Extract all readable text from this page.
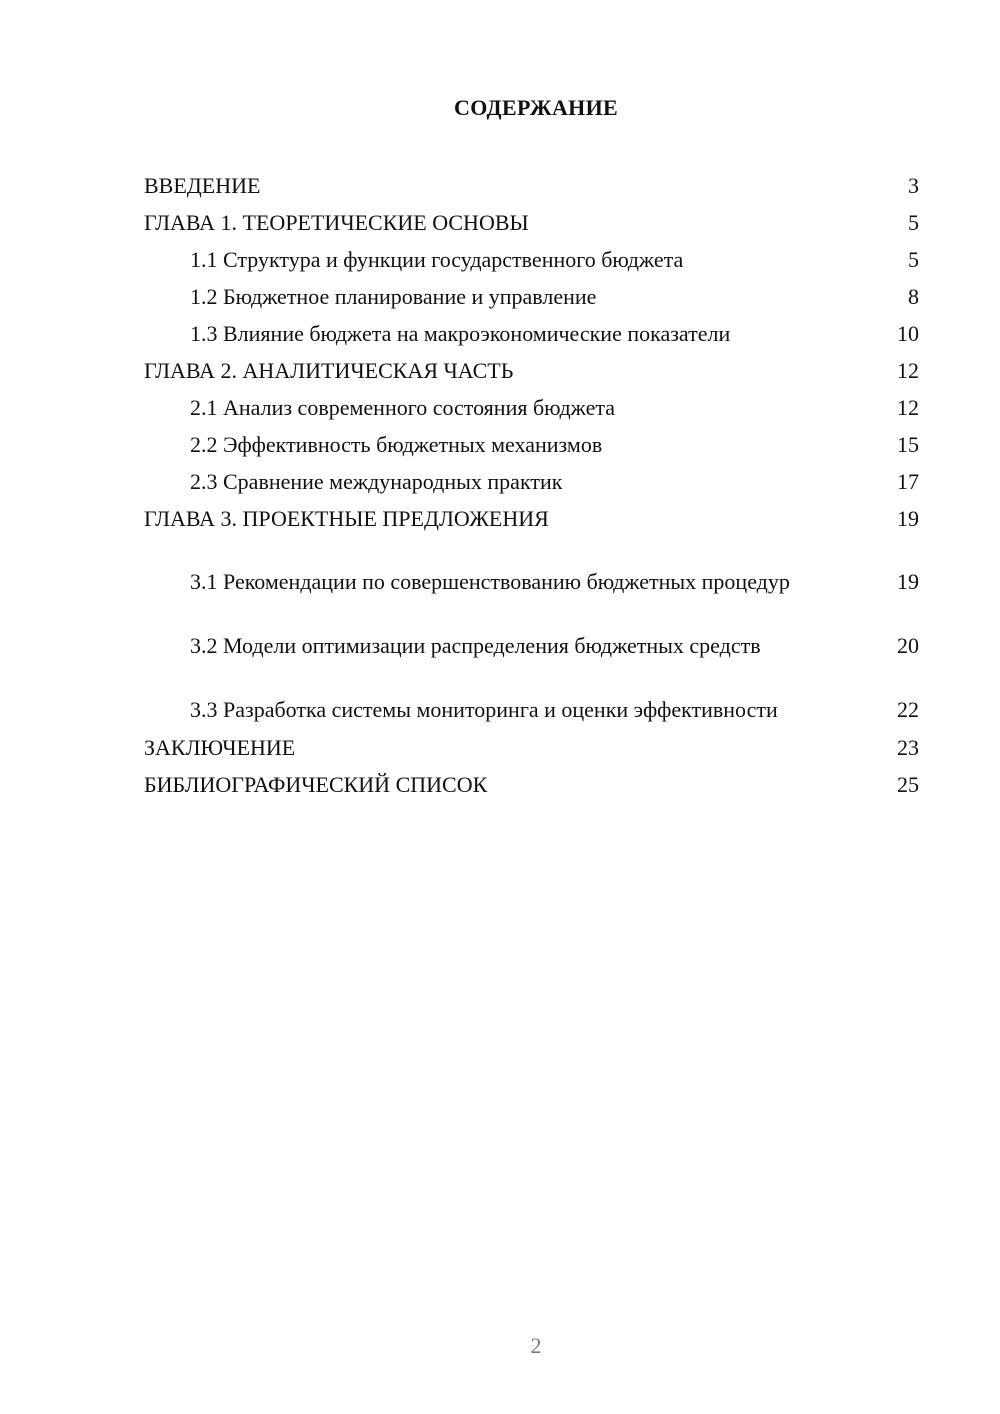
СОДЕРЖАНИЕ
ВВЕДЕНИЕ	3
ГЛАВА 1. ТЕОРЕТИЧЕСКИЕ ОСНОВЫ	5
1.1 Структура и функции государственного бюджета	5
1.2 Бюджетное планирование и управление	8
1.3 Влияние бюджета на макроэкономические показатели	10
ГЛАВА 2. АНАЛИТИЧЕСКАЯ ЧАСТЬ	12
2.1 Анализ современного состояния бюджета	12
2.2 Эффективность бюджетных механизмов	15
2.3 Сравнение международных практик	17
ГЛАВА 3. ПРОЕКТНЫЕ ПРЕДЛОЖЕНИЯ	19
3.1 Рекомендации по совершенствованию бюджетных процедур	19
3.2 Модели оптимизации распределения бюджетных средств	20
3.3 Разработка системы мониторинга и оценки эффективности	22
ЗАКЛЮЧЕНИЕ	23
БИБЛИОГРАФИЧЕСКИЙ СПИСОК	25
2
